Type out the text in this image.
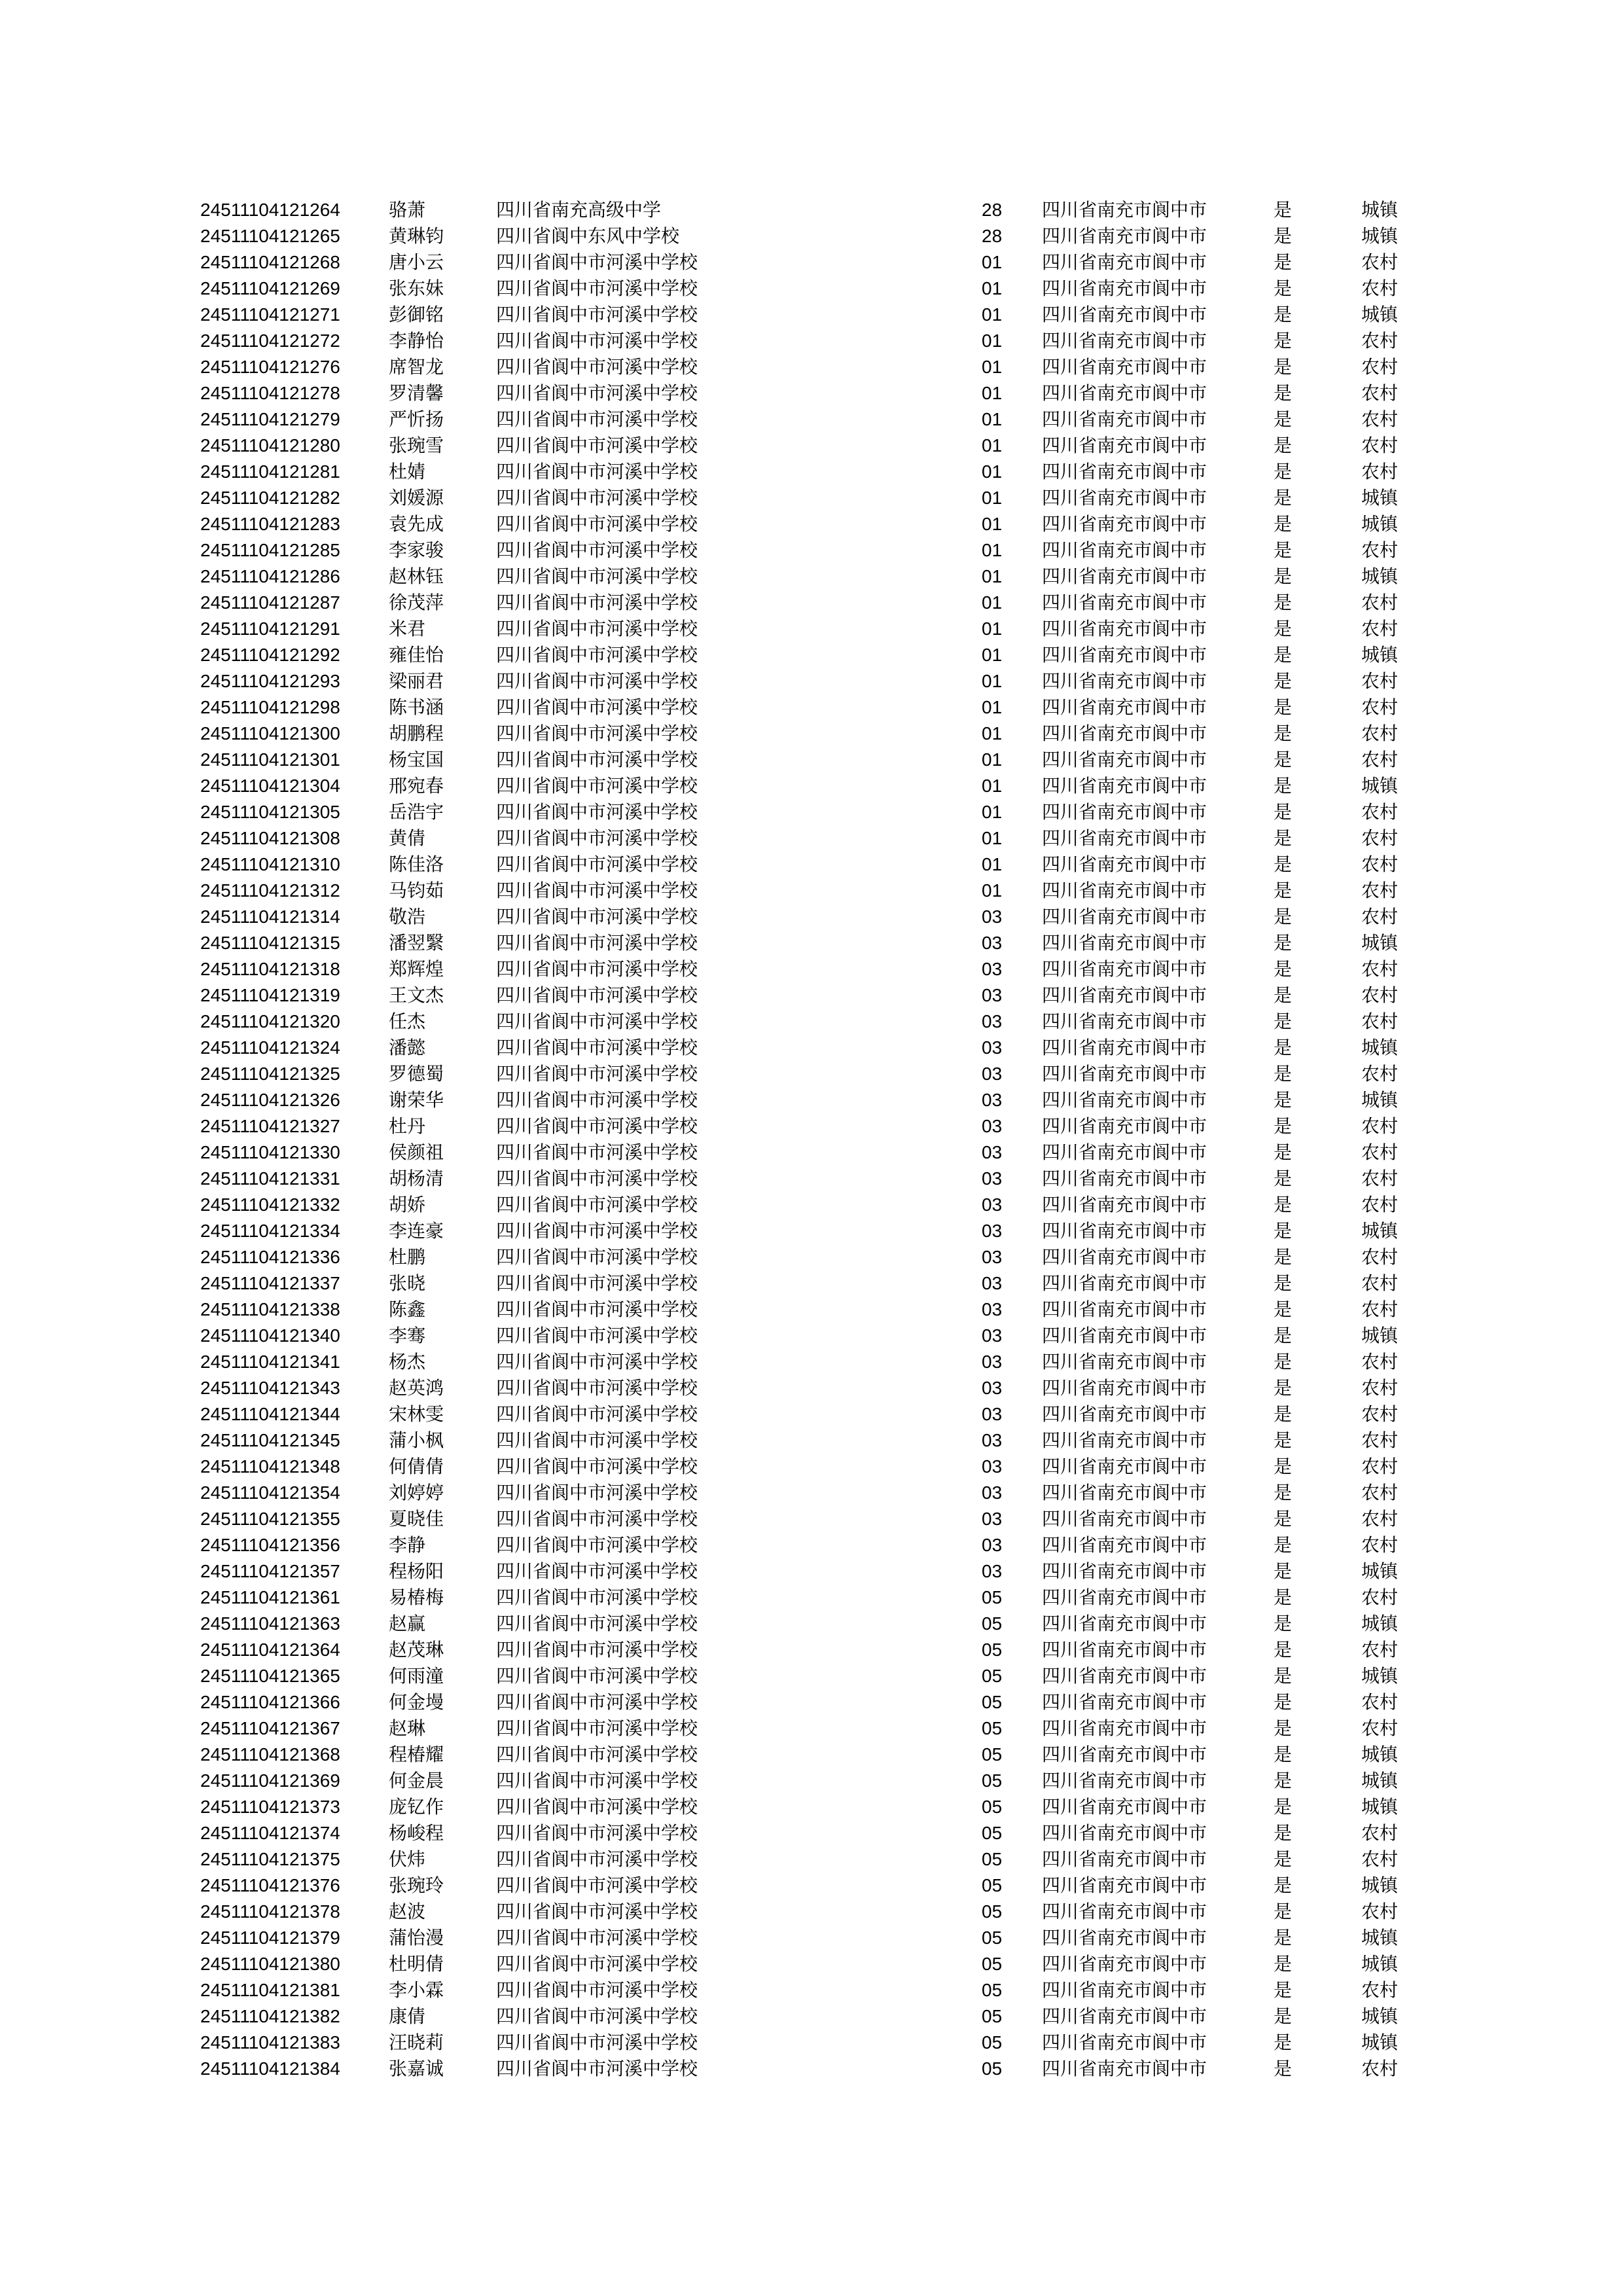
24511104121264	骆萧	四川省南充高级中学	28 四川省南充市阆中市	是	城镇
24511104121265	黄琳钧	四川省阆中东风中学校	28 四川省南充市阆中市	是	城镇
24511104121268	唐小云	四川省阆中市河溪中学校	01 四川省南充市阆中市	是	农村
24511104121269	张东妹	四川省阆中市河溪中学校	01 四川省南充市阆中市	是	农村
24511104121271	彭御铭	四川省阆中市河溪中学校	01 四川省南充市阆中市	是	城镇
24511104121272	李静怡	四川省阆中市河溪中学校	01 四川省南充市阆中市	是	农村
24511104121276	席智龙	四川省阆中市河溪中学校	01 四川省南充市阆中市	是	农村
24511104121278	罗清馨	四川省阆中市河溪中学校	01 四川省南充市阆中市	是	农村
24511104121279	严忻扬	四川省阆中市河溪中学校	01 四川省南充市阆中市	是	农村
24511104121280	张琬雪	四川省阆中市河溪中学校	01 四川省南充市阆中市	是	农村
24511104121281	杜婧	四川省阆中市河溪中学校	01 四川省南充市阆中市	是	农村
24511104121282	刘媛源	四川省阆中市河溪中学校	01 四川省南充市阆中市	是	城镇
24511104121283	袁先成	四川省阆中市河溪中学校	01 四川省南充市阆中市	是	城镇
24511104121285	李家骏	四川省阆中市河溪中学校	01 四川省南充市阆中市	是	农村
24511104121286	赵林钰	四川省阆中市河溪中学校	01 四川省南充市阆中市	是	城镇
24511104121287	徐茂萍	四川省阆中市河溪中学校	01 四川省南充市阆中市	是	农村
24511104121291	米君	四川省阆中市河溪中学校	01 四川省南充市阆中市	是	农村
24511104121292	雍佳怡	四川省阆中市河溪中学校	01 四川省南充市阆中市	是	城镇
24511104121293	梁丽君	四川省阆中市河溪中学校	01 四川省南充市阆中市	是	农村
24511104121298	陈书涵	四川省阆中市河溪中学校	01 四川省南充市阆中市	是	农村
24511104121300	胡鹏程	四川省阆中市河溪中学校	01 四川省南充市阆中市	是	农村
24511104121301	杨宝国	四川省阆中市河溪中学校	01 四川省南充市阆中市	是	农村
24511104121304	邢宛春	四川省阆中市河溪中学校	01 四川省南充市阆中市	是	城镇
24511104121305	岳浩宇	四川省阆中市河溪中学校	01 四川省南充市阆中市	是	农村
24511104121308	黄倩	四川省阆中市河溪中学校	01 四川省南充市阆中市	是	农村
24511104121310	陈佳洛	四川省阆中市河溪中学校	01 四川省南充市阆中市	是	农村
24511104121312	马钧茹	四川省阆中市河溪中学校	01 四川省南充市阆中市	是	农村
24511104121314	敬浩	四川省阆中市河溪中学校	03 四川省南充市阆中市	是	农村
24511104121315	潘翌繄	四川省阆中市河溪中学校	03 四川省南充市阆中市	是	城镇
24511104121318	郑辉煌	四川省阆中市河溪中学校	03 四川省南充市阆中市	是	农村
24511104121319	王文杰	四川省阆中市河溪中学校	03 四川省南充市阆中市	是	农村
24511104121320	任杰	四川省阆中市河溪中学校	03 四川省南充市阆中市	是	农村
24511104121324	潘懿	四川省阆中市河溪中学校	03 四川省南充市阆中市	是	城镇
24511104121325	罗德蜀	四川省阆中市河溪中学校	03 四川省南充市阆中市	是	农村
24511104121326	谢荣华	四川省阆中市河溪中学校	03 四川省南充市阆中市	是	城镇
24511104121327	杜丹	四川省阆中市河溪中学校	03 四川省南充市阆中市	是	农村
24511104121330	侯颜祖	四川省阆中市河溪中学校	03 四川省南充市阆中市	是	农村
24511104121331	胡杨清	四川省阆中市河溪中学校	03 四川省南充市阆中市	是	农村
24511104121332	胡娇	四川省阆中市河溪中学校	03 四川省南充市阆中市	是	农村
24511104121334	李连豪	四川省阆中市河溪中学校	03 四川省南充市阆中市	是	城镇
24511104121336	杜鹏	四川省阆中市河溪中学校	03 四川省南充市阆中市	是	农村
24511104121337	张晓	四川省阆中市河溪中学校	03 四川省南充市阆中市	是	农村
24511104121338	陈鑫	四川省阆中市河溪中学校	03 四川省南充市阆中市	是	农村
24511104121340	李骞	四川省阆中市河溪中学校	03 四川省南充市阆中市	是	城镇
24511104121341	杨杰	四川省阆中市河溪中学校	03 四川省南充市阆中市	是	农村
24511104121343	赵英鸿	四川省阆中市河溪中学校	03 四川省南充市阆中市	是	农村
24511104121344	宋林雯	四川省阆中市河溪中学校	03 四川省南充市阆中市	是	农村
24511104121345	蒲小枫	四川省阆中市河溪中学校	03 四川省南充市阆中市	是	农村
24511104121348	何倩倩	四川省阆中市河溪中学校	03 四川省南充市阆中市	是	农村
24511104121354	刘婷婷	四川省阆中市河溪中学校	03 四川省南充市阆中市	是	农村
24511104121355	夏晓佳	四川省阆中市河溪中学校	03 四川省南充市阆中市	是	农村
24511104121356	李静	四川省阆中市河溪中学校	03 四川省南充市阆中市	是	农村
24511104121357	程杨阳	四川省阆中市河溪中学校	03 四川省南充市阆中市	是	城镇
24511104121361	易椿梅	四川省阆中市河溪中学校	05 四川省南充市阆中市	是	农村
24511104121363	赵赢	四川省阆中市河溪中学校	05 四川省南充市阆中市	是	城镇
24511104121364	赵茂琳	四川省阆中市河溪中学校	05 四川省南充市阆中市	是	农村
24511104121365	何雨潼	四川省阆中市河溪中学校	05 四川省南充市阆中市	是	城镇
24511104121366	何金墁	四川省阆中市河溪中学校	05 四川省南充市阆中市	是	农村
24511104121367	赵琳	四川省阆中市河溪中学校	05 四川省南充市阆中市	是	农村
24511104121368	程椿耀	四川省阆中市河溪中学校	05 四川省南充市阆中市	是	城镇
24511104121369	何金晨	四川省阆中市河溪中学校	05 四川省南充市阆中市	是	城镇
24511104121373	庞钇作	四川省阆中市河溪中学校	05 四川省南充市阆中市	是	城镇
24511104121374	杨峻程	四川省阆中市河溪中学校	05 四川省南充市阆中市	是	农村
24511104121375	伏炜	四川省阆中市河溪中学校	05 四川省南充市阆中市	是	农村
24511104121376	张琬玲	四川省阆中市河溪中学校	05 四川省南充市阆中市	是	城镇
24511104121378	赵波	四川省阆中市河溪中学校	05 四川省南充市阆中市	是	农村
24511104121379	蒲怡漫	四川省阆中市河溪中学校	05 四川省南充市阆中市	是	城镇
24511104121380	杜明倩	四川省阆中市河溪中学校	05 四川省南充市阆中市	是	城镇
24511104121381	李小霖	四川省阆中市河溪中学校	05 四川省南充市阆中市	是	农村
24511104121382	康倩	四川省阆中市河溪中学校	05 四川省南充市阆中市	是	城镇
24511104121383	汪晓莉	四川省阆中市河溪中学校	05 四川省南充市阆中市	是	城镇
24511104121384	张嘉诚	四川省阆中市河溪中学校	05 四川省南充市阆中市	是	农村
